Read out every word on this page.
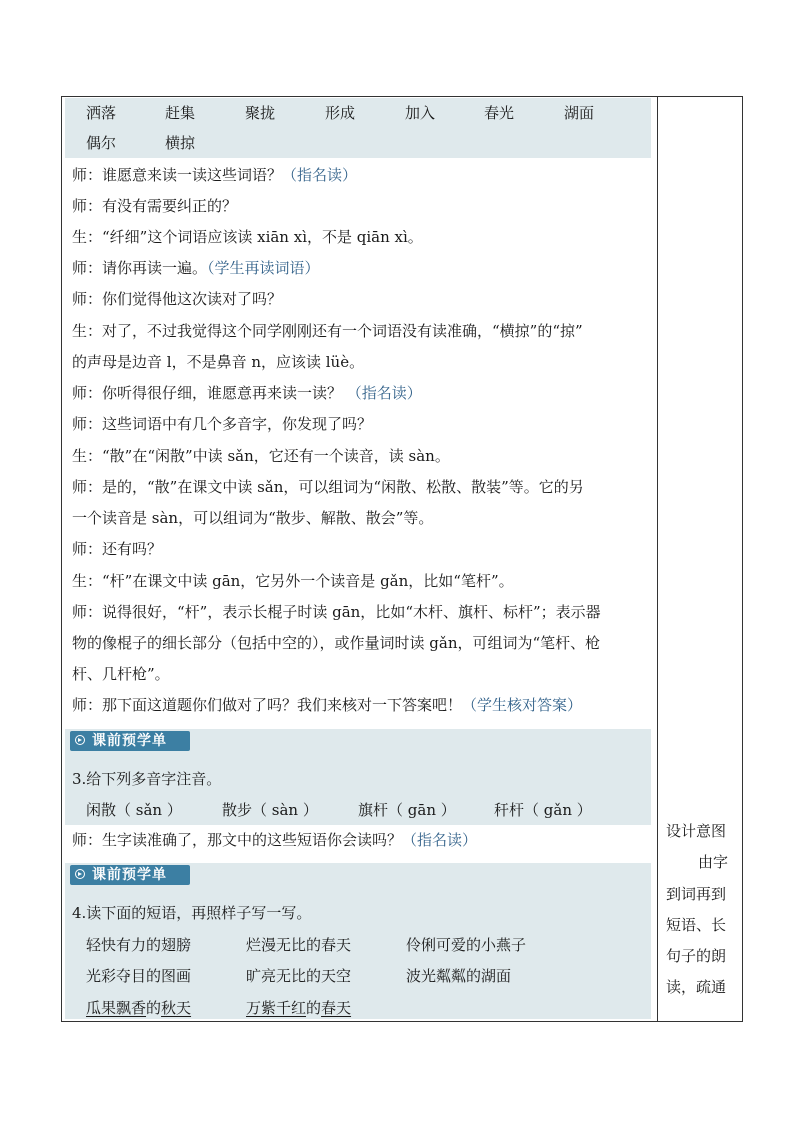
洒落	赶集	聚拢	形成	加入	春光	湖面
偶尔	横掠
师：谁愿意来读一读这些词语？（指名读）
师：有没有需要纠正的？
生：“纤细”这个词语应该读 xiān xì，不是 qiān xì。
师：请你再读一遍。（学生再读词语）
师：你们觉得他这次读对了吗？
生：对了，不过我觉得这个同学刚刚还有一个词语没有读准确，“横掠”的“掠”
的声母是边音 l，不是鼻音 n，应该读 lüè。
师：你听得很仔细，谁愿意再来读一读？ （指名读）
师：这些词语中有几个多音字，你发现了吗？
生：“散”在“闲散”中读 sǎn，它还有一个读音，读 sàn。
师：是的，“散”在课文中读 sǎn，可以组词为“闲散、松散、散装”等。它的另
一个读音是 sàn，可以组词为“散步、解散、散会”等。
师：还有吗？
生：“杆”在课文中读 gān，它另外一个读音是 gǎn，比如“笔杆”。
师：说得很好，“杆”，表示长棍子时读 gān，比如“木杆、旗杆、标杆”；表示器
物的像棍子的细长部分（包括中空的），或作量词时读 gǎn，可组词为“笔杆、枪
杆、几杆枪”。
师：那下面这道题你们做对了吗？我们来核对一下答案吧！（学生核对答案）
课前预学单
3.给下列多音字注音。
闲散（ sǎn ）	散步（ sàn ）	旗杆（ gān ）	秆杆（ gǎn ）
师：生字读准确了，那文中的这些短语你会读吗？（指名读）
课前预学单
4.读下面的短语，再照样子写一写。
轻快有力的翅膀	烂漫无比的春天	伶俐可爱的小燕子
光彩夺目的图画	旷亮无比的天空	波光粼粼的湖面
瓜果飘香的秋天	万紫千红的春天
设计意图
由字
到词再到
短语、长
句子的朗
读，疏通
